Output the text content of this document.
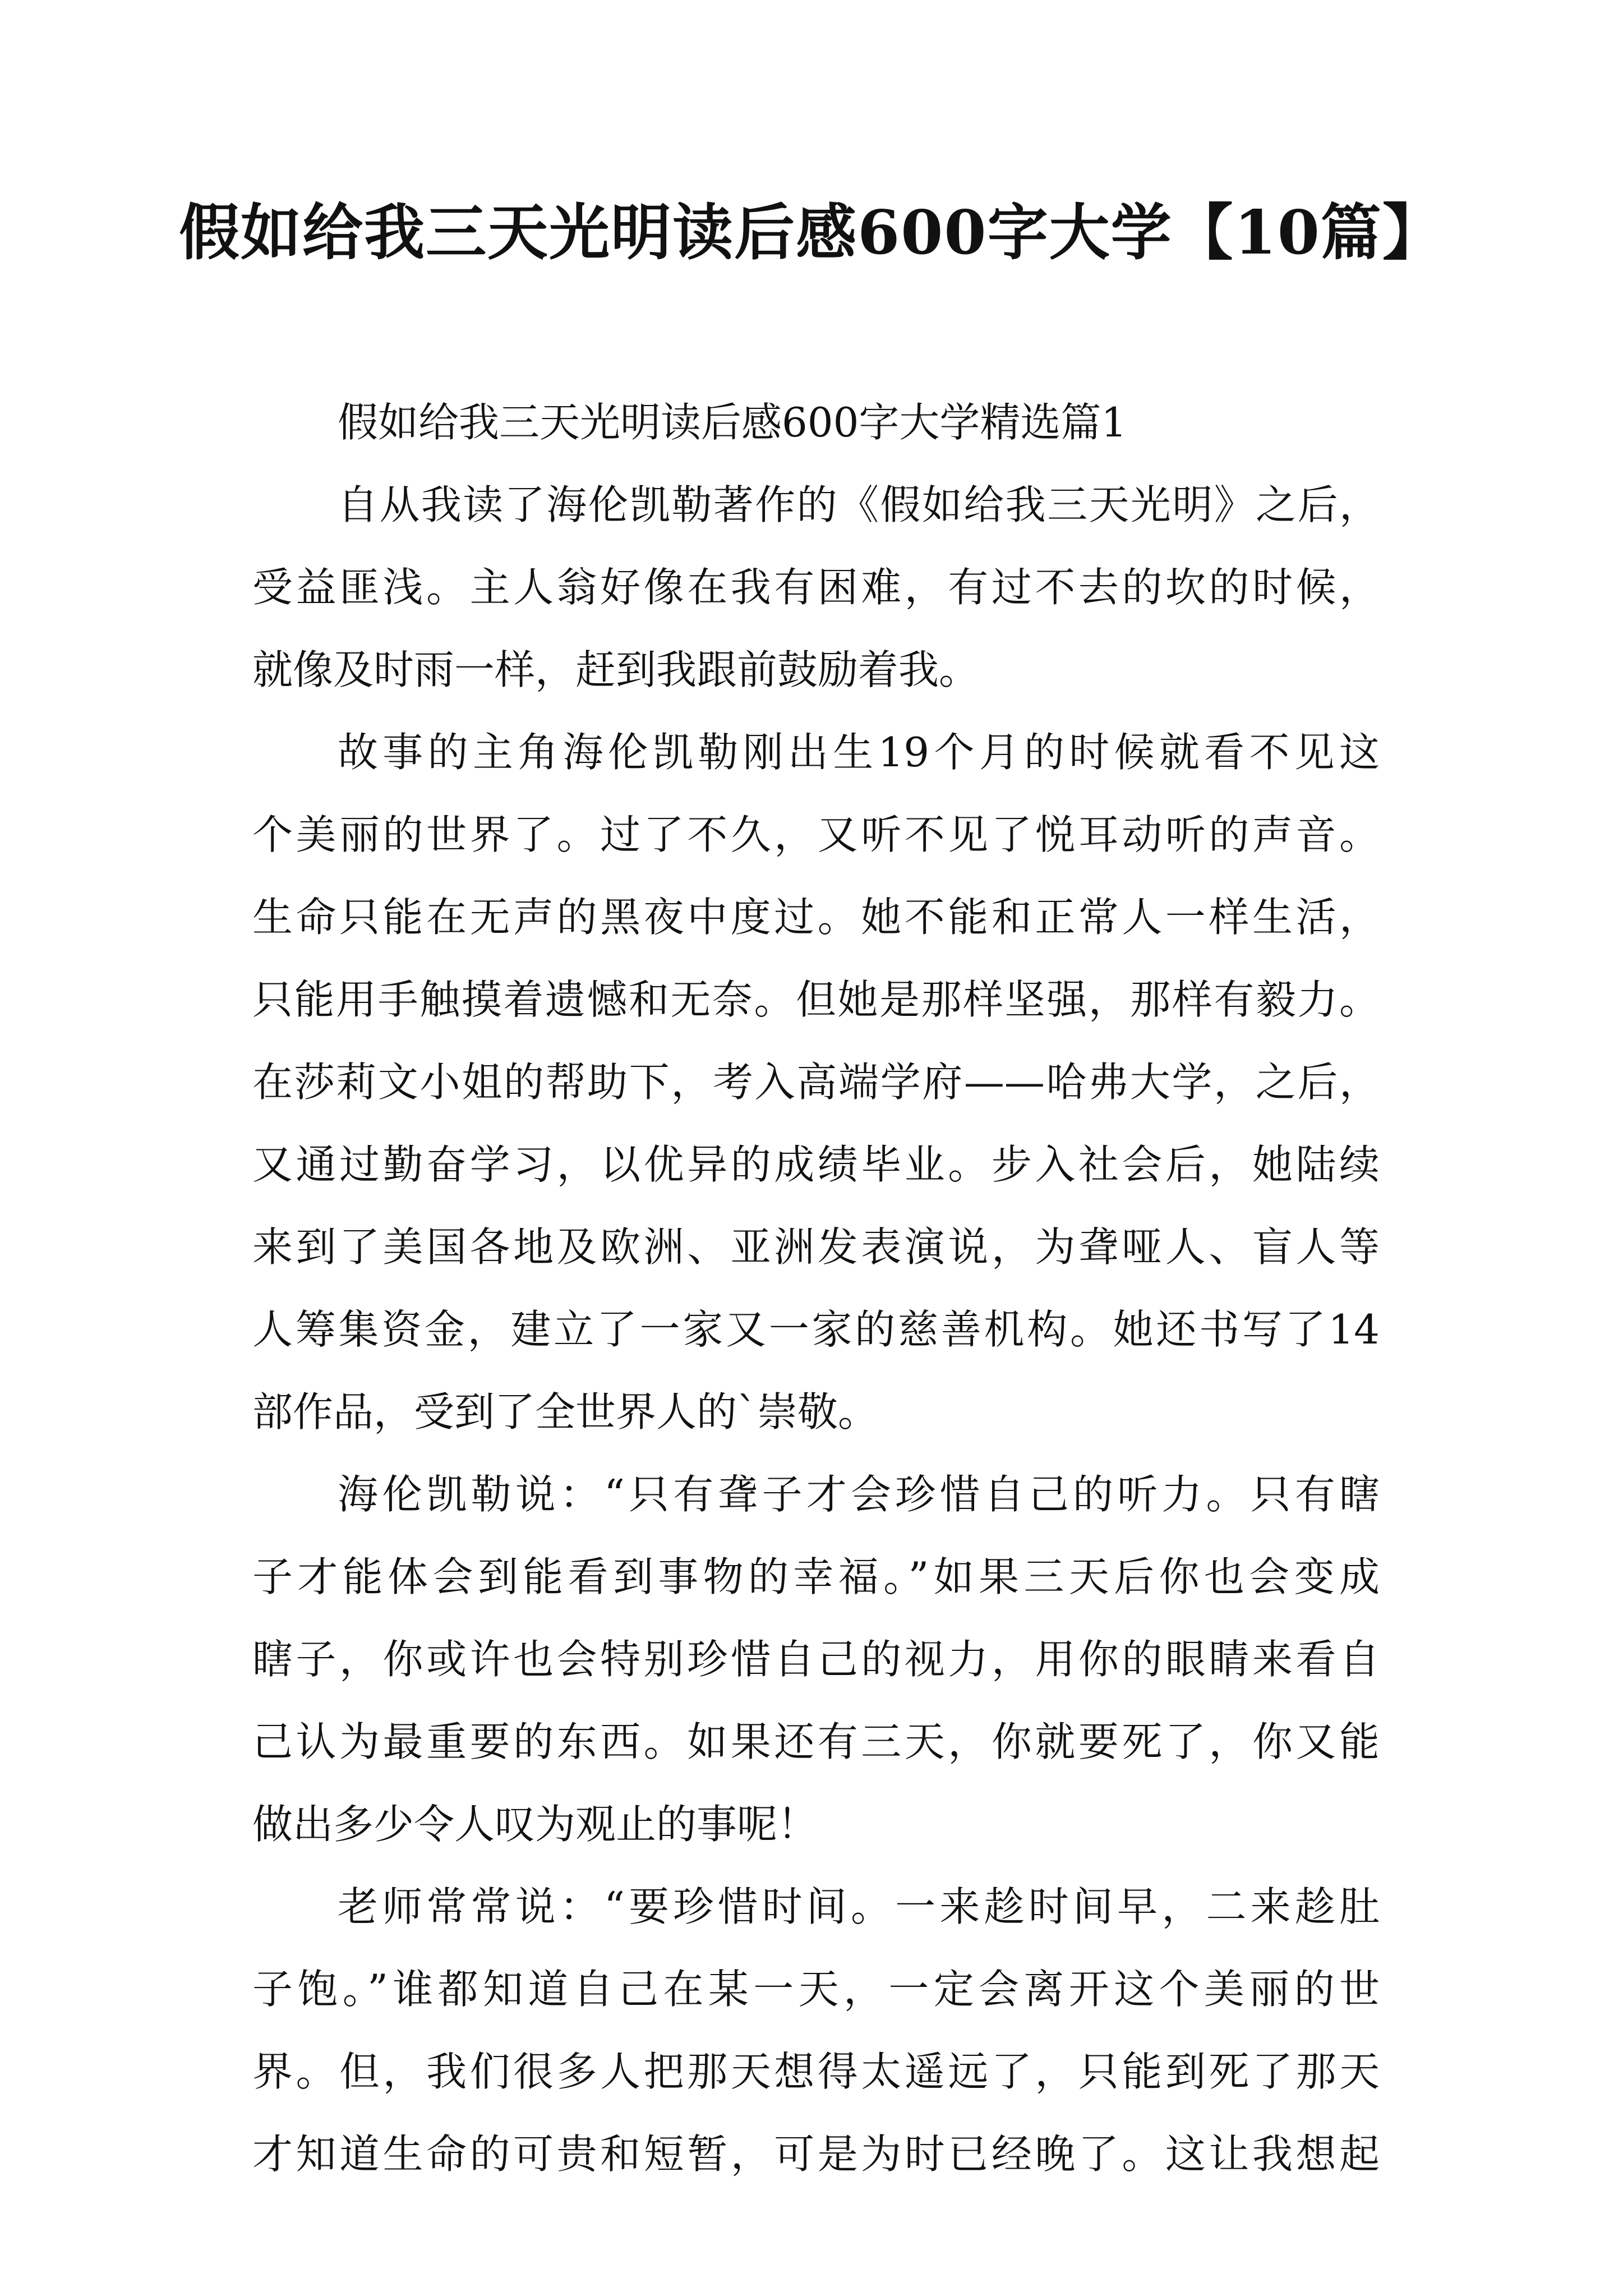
假如给我三天光明读后感600字大学【10篇】
假如给我三天光明读后感600字大学精选篇1
自从我读了海伦凯勒著作的《假如给我三天光明》之后，
受益匪浅。主人翁好像在我有困难，有过不去的坎的时候，
就像及时雨一样，赶到我跟前鼓励着我。
故事的主角海伦凯勒刚出生19个月的时候就看不见这
个美丽的世界了。过了不久，又听不见了悦耳动听的声音。
生命只能在无声的黑夜中度过。她不能和正常人一样生活，
只能用手触摸着遗憾和无奈。但她是那样坚强，那样有毅力。
在莎莉文小姐的帮助下，考入高端学府——哈弗大学，之后，
又通过勤奋学习，以优异的成绩毕业。步入社会后，她陆续
来到了美国各地及欧洲、亚洲发表演说，为聋哑人、盲人等
人筹集资金，建立了一家又一家的慈善机构。她还书写了14
部作品，受到了全世界人的`崇敬。
海伦凯勒说：“只有聋子才会珍惜自己的听力。只有瞎
子才能体会到能看到事物的幸福。”如果三天后你也会变成
瞎子，你或许也会特别珍惜自己的视力，用你的眼睛来看自
己认为最重要的东西。如果还有三天，你就要死了，你又能
做出多少令人叹为观止的事呢！
老师常常说：“要珍惜时间。一来趁时间早，二来趁肚
子饱。”谁都知道自己在某一天，一定会离开这个美丽的世
界。但，我们很多人把那天想得太遥远了，只能到死了那天
才知道生命的可贵和短暂，可是为时已经晚了。这让我想起
